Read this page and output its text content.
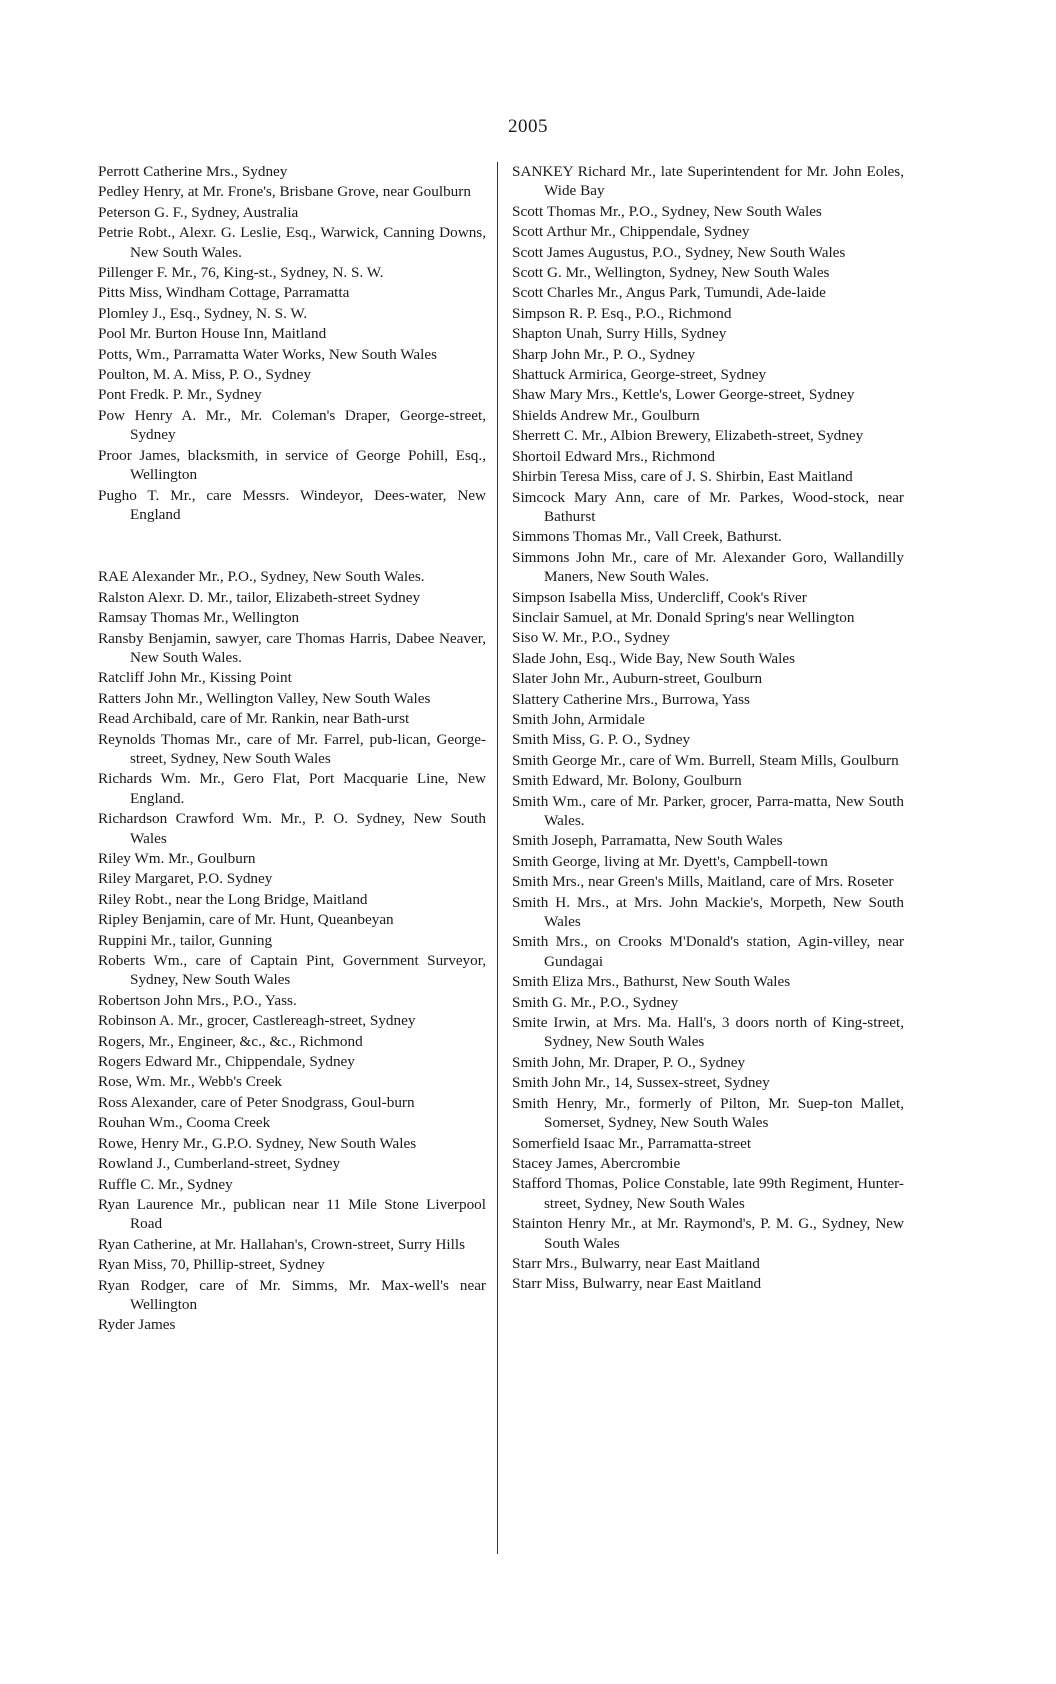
2005
Perrott Catherine Mrs., Sydney
Pedley Henry, at Mr. Frone's, Brisbane Grove, near Goulburn
Peterson G. F., Sydney, Australia
Petrie Robt., Alexr. G. Leslie, Esq., Warwick, Canning Downs, New South Wales.
Pillenger F. Mr., 76, King-st., Sydney, N. S. W.
Pitts Miss, Windham Cottage, Parramatta
Plomley J., Esq., Sydney, N. S. W.
Pool Mr. Burton House Inn, Maitland
Potts, Wm., Parramatta Water Works, New South Wales
Poulton, M. A. Miss, P. O., Sydney
Pont Fredk. P. Mr., Sydney
Pow Henry A. Mr., Mr. Coleman's Draper, George-street, Sydney
Proor James, blacksmith, in service of George Pohill, Esq., Wellington
Pugho T. Mr., care Messrs. Windeyor, Dees-water, New England
RAE Alexander Mr., P.O., Sydney, New South Wales.
Ralston Alexr. D. Mr., tailor, Elizabeth-street Sydney
Ramsay Thomas Mr., Wellington
Ransby Benjamin, sawyer, care Thomas Harris, Dabee Neaver, New South Wales.
Ratcliff John Mr., Kissing Point
Ratters John Mr., Wellington Valley, New South Wales
Read Archibald, care of Mr. Rankin, near Bath-urst
Reynolds Thomas Mr., care of Mr. Farrel, pub-lican, George-street, Sydney, New South Wales
Richards Wm. Mr., Gero Flat, Port Macquarie Line, New England.
Richardson Crawford Wm. Mr., P. O. Sydney, New South Wales
Riley Wm. Mr., Goulburn
Riley Margaret, P.O. Sydney
Riley Robt., near the Long Bridge, Maitland
Ripley Benjamin, care of Mr. Hunt, Queanbeyan
Ruppini Mr., tailor, Gunning
Roberts Wm., care of Captain Pint, Government Surveyor, Sydney, New South Wales
Robertson John Mrs., P.O., Yass.
Robinson A. Mr., grocer, Castlereagh-street, Sydney
Rogers, Mr., Engineer, &c., &c., Richmond
Rogers Edward Mr., Chippendale, Sydney
Rose, Wm. Mr., Webb's Creek
Ross Alexander, care of Peter Snodgrass, Goul-burn
Rouhan Wm., Cooma Creek
Rowe, Henry Mr., G.P.O. Sydney, New South Wales
Rowland J., Cumberland-street, Sydney
Ruffle C. Mr., Sydney
Ryan Laurence Mr., publican near 11 Mile Stone Liverpool Road
Ryan Catherine, at Mr. Hallahan's, Crown-street, Surry Hills
Ryan Miss, 70, Phillip-street, Sydney
Ryan Rodger, care of Mr. Simms, Mr. Max-well's near Wellington
Ryder James
SANKEY Richard Mr., late Superintendent for Mr. John Eoles, Wide Bay
Scott Thomas Mr., P.O., Sydney, New South Wales
Scott Arthur Mr., Chippendale, Sydney
Scott James Augustus, P.O., Sydney, New South Wales
Scott G. Mr., Wellington, Sydney, New South Wales
Scott Charles Mr., Angus Park, Tumundi, Ade-laide
Simpson R. P. Esq., P.O., Richmond
Shapton Unah, Surry Hills, Sydney
Sharp John Mr., P. O., Sydney
Shattuck Armirica, George-street, Sydney
Shaw Mary Mrs., Kettle's, Lower George-street, Sydney
Shields Andrew Mr., Goulburn
Sherrett C. Mr., Albion Brewery, Elizabeth-street, Sydney
Shortoil Edward Mrs., Richmond
Shirbin Teresa Miss, care of J. S. Shirbin, East Maitland
Simcock Mary Ann, care of Mr. Parkes, Wood-stock, near Bathurst
Simmons Thomas Mr., Vall Creek, Bathurst.
Simmons John Mr., care of Mr. Alexander Goro, Wallandilly Maners, New South Wales.
Simpson Isabella Miss, Undercliff, Cook's River
Sinclair Samuel, at Mr. Donald Spring's near Wellington
Siso W. Mr., P.O., Sydney
Slade John, Esq., Wide Bay, New South Wales
Slater John Mr., Auburn-street, Goulburn
Slattery Catherine Mrs., Burrowa, Yass
Smith John, Armidale
Smith Miss, G. P. O., Sydney
Smith George Mr., care of Wm. Burrell, Steam Mills, Goulburn
Smith Edward, Mr. Bolony, Goulburn
Smith Wm., care of Mr. Parker, grocer, Parra-matta, New South Wales.
Smith Joseph, Parramatta, New South Wales
Smith George, living at Mr. Dyett's, Campbell-town
Smith Mrs., near Green's Mills, Maitland, care of Mrs. Roseter
Smith H. Mrs., at Mrs. John Mackie's, Morpeth, New South Wales
Smith Mrs., on Crooks M'Donald's station, Agin-villey, near Gundagai
Smith Eliza Mrs., Bathurst, New South Wales
Smith G. Mr., P.O., Sydney
Smite Irwin, at Mrs. Ma. Hall's, 3 doors north of King-street, Sydney, New South Wales
Smith John, Mr. Draper, P. O., Sydney
Smith John Mr., 14, Sussex-street, Sydney
Smith Henry, Mr., formerly of Pilton, Mr. Suep-ton Mallet, Somerset, Sydney, New South Wales
Somerfield Isaac Mr., Parramatta-street
Stacey James, Abercrombie
Stafford Thomas, Police Constable, late 99th Regiment, Hunter-street, Sydney, New South Wales
Stainton Henry Mr., at Mr. Raymond's, P. M. G., Sydney, New South Wales
Starr Mrs., Bulwarry, near East Maitland
Starr Miss, Bulwarry, near East Maitland
